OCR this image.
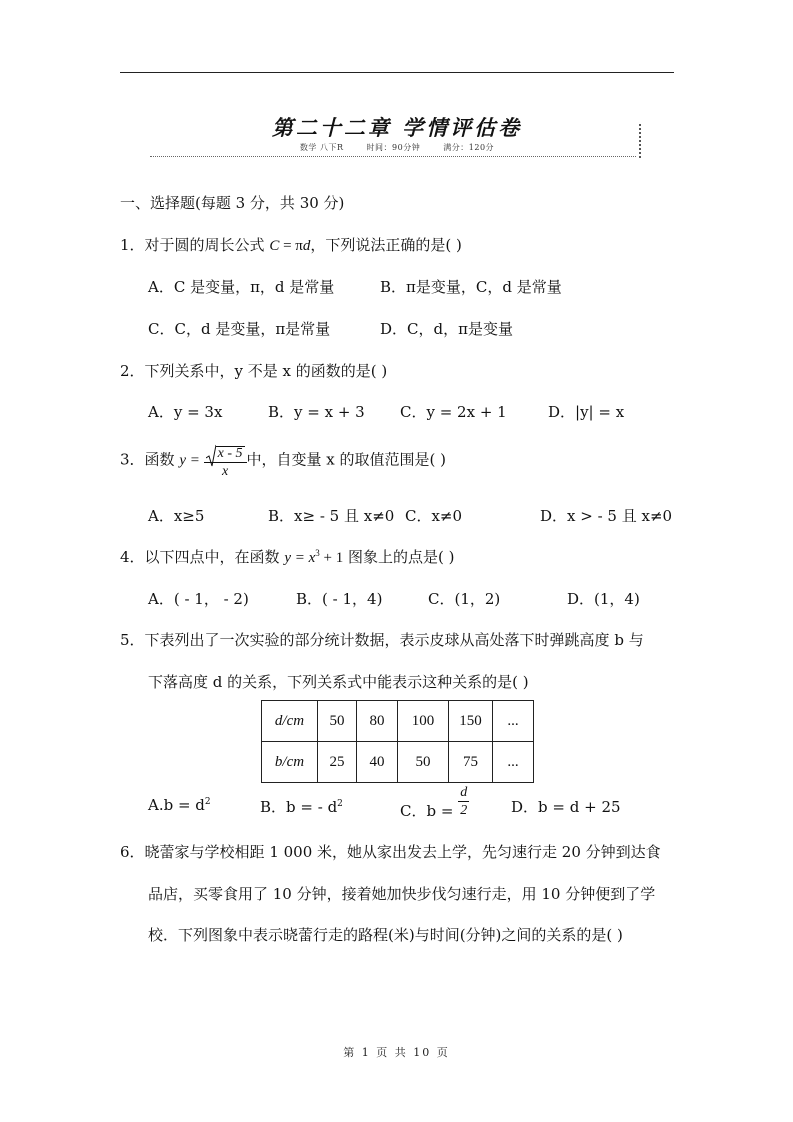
第二十二章 学情评估卷
数学 八下R	时间：90分钟	满分：120分
一、选择题(每题 3 分，共 30 分)
1．对于圆的周长公式 C = πd，下列说法正确的是( )
A．C 是变量，π，d 是常量	B．π是变量，C，d 是常量
C．C，d 是变量，π是常量	D．C，d，π是变量
2．下列关系中，y 不是 x 的函数的是( )
A．y = 3x	B．y = x + 3 C．y = 2x + 1	D．|y| = x
3．函数 $y = \frac{x - 5}{x}$ 中，自变量 x 的取值范围是( )
A．x≥5	B．x≥ - 5 且 x≠0 C．x≠0	D．x > - 5 且 x≠0
4．以下四点中，在函数 $y = x^3 + 1$ 图象上的点是( )
A．( - 1， - 2)	B．( - 1，4)	C．(1，2)	D．(1，4)
5．下表列出了一次实验的部分统计数据，表示皮球从高处落下时弹跳高度 b 与
下落高度 d 的关系，下列关系式中能表示这种关系的是( )
d/cm	50	80	100	150	...
b/cm	25	40	50	75	...
$A.b = d^2$	B．b = - $d^2$	C．$b = \frac{d}{2}$	D．b = d + 25
6．晓蕾家与学校相距 1 000 米，她从家出发去上学，先匀速行走 20 分钟到达食
品店，买零食用了 10 分钟，接着她加快步伐匀速行走，用 10 分钟便到了学
校．下列图象中表示晓蕾行走的路程(米)与时间(分钟)之间的关系的是( )
第 1 页 共 10 页
